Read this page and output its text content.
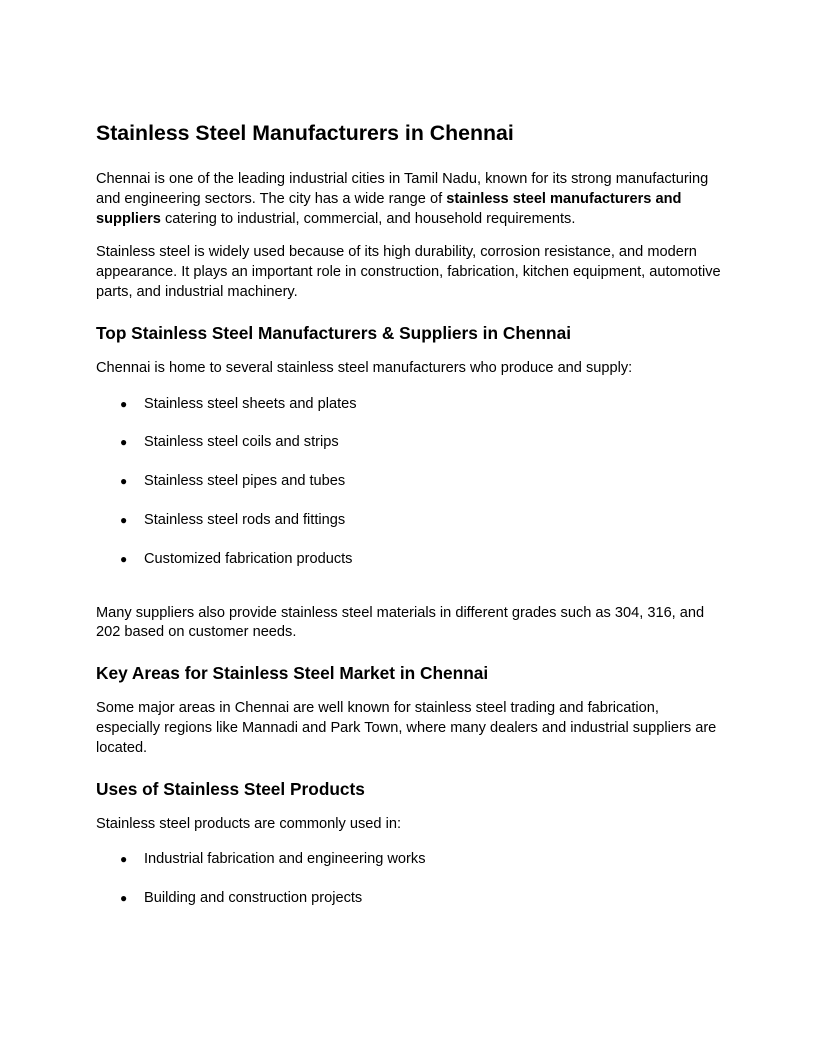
Stainless Steel Manufacturers in Chennai

Chennai is one of the leading industrial cities in Tamil Nadu, known for its strong manufacturing and engineering sectors. The city has a wide range of stainless steel manufacturers and suppliers catering to industrial, commercial, and household requirements.

Stainless steel is widely used because of its high durability, corrosion resistance, and modern appearance. It plays an important role in construction, fabrication, kitchen equipment, automotive parts, and industrial machinery.

Top Stainless Steel Manufacturers & Suppliers in Chennai

Chennai is home to several stainless steel manufacturers who produce and supply:

● Stainless steel sheets and plates
● Stainless steel coils and strips
● Stainless steel pipes and tubes
● Stainless steel rods and fittings
● Customized fabrication products

Many suppliers also provide stainless steel materials in different grades such as 304, 316, and 202 based on customer needs.

Key Areas for Stainless Steel Market in Chennai

Some major areas in Chennai are well known for stainless steel trading and fabrication, especially regions like Mannadi and Park Town, where many dealers and industrial suppliers are located.

Uses of Stainless Steel Products

Stainless steel products are commonly used in:

● Industrial fabrication and engineering works
● Building and construction projects
